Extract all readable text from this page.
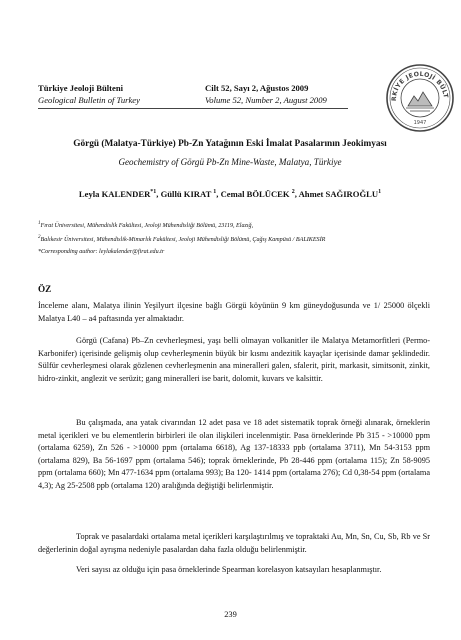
Türkiye Jeoloji Bülteni	Cilt 52, Sayı 2, Ağustos 2009
Geological Bulletin of Turkey	Volume 52, Number 2, August 2009	RKİYE JEOLOJİ BÜLT
1947
Görgü (Malatya-Türkiye) Pb-Zn Yatağının Eski İmalat Pasalarının Jeokimyası
Geochemistry of Görgü Pb-Zn Mine-Waste, Malatya, Türkiye
Leyla KALENDER$^{*1}$, Güllü KIRAT $^1$, Cemal BÖLÜCEK $^2$, Ahmet SAĞIROĞLU$^1$
$^1$Fırat Üniversitesi, Mühendislik Fakültesi, Jeoloji Mühendisliği Bölümü, 23119, Elazığ,
$^2$Balıkesir Üniversitesi, Mühendislik-Mimarlık Fakültesi, Jeoloji Mühendisliği Bölümü, Çağış Kampüsü / BALIKESİR
*Corresponding author: leylakalender@firat.edu.tr
ÖZ

İnceleme alanı, Malatya ilinin Yeşilyurt ilçesine bağlı Görgü köyünün 9 km güneydoğusunda ve 1/ 25000 ölçekli Malatya L40 – a4 paftasında yer almaktadır.

Görgü (Cafana) Pb–Zn cevherleşmesi, yaşı belli olmayan volkanitler ile Malatya Metamorfitleri (Permo-Karbonifer) içerisinde gelişmiş olup cevherleşmenin büyük bir kısmı andezitik kayaçlar içerisinde damar şeklindedir. Sülfür cevherleşmesi olarak gözlenen cevherleşmenin ana mineralleri galen, sfalerit, pirit, markasit, simitsonit, zinkit, hidro-zinkit, anglezit ve serüzit; gang mineralleri ise barit, dolomit, kuvars ve kalsittir.

Bu çalışmada, ana yatak civarından 12 adet pasa ve 18 adet sistematik toprak örneği alınarak, örneklerin metal içerikleri ve bu elementlerin birbirleri ile olan ilişkileri incelenmiştir. Pasa örneklerinde Pb 315 - >10000 ppm (ortalama 6259), Zn 526 - >10000 ppm (ortalama 6618), Ag 137-18333 ppb (ortalama 3711), Mn 54-3153 ppm (ortalama 829), Ba 56-1697 ppm (ortalama 546); toprak örneklerinde, Pb 28-446 ppm (ortalama 115); Zn 58-9095 ppm (ortalama 660); Mn 477-1634 ppm (ortalama 993); Ba 120- 1414 ppm (ortalama 276); Cd 0,38-54 ppm (ortalama 4,3); Ag 25-2508 ppb (ortalama 120) aralığında değiştiği belirlenmiştir.

Toprak ve pasalardaki ortalama metal içerikleri karşılaştırılmış ve topraktaki Au, Mn, Sn, Cu, Sb, Rb ve Sr değerlerinin doğal ayrışma nedeniyle pasalardan daha fazla olduğu belirlenmiştir.

Veri sayısı az olduğu için pasa örneklerinde Spearman korelasyon katsayıları hesaplanmıştır.

239
